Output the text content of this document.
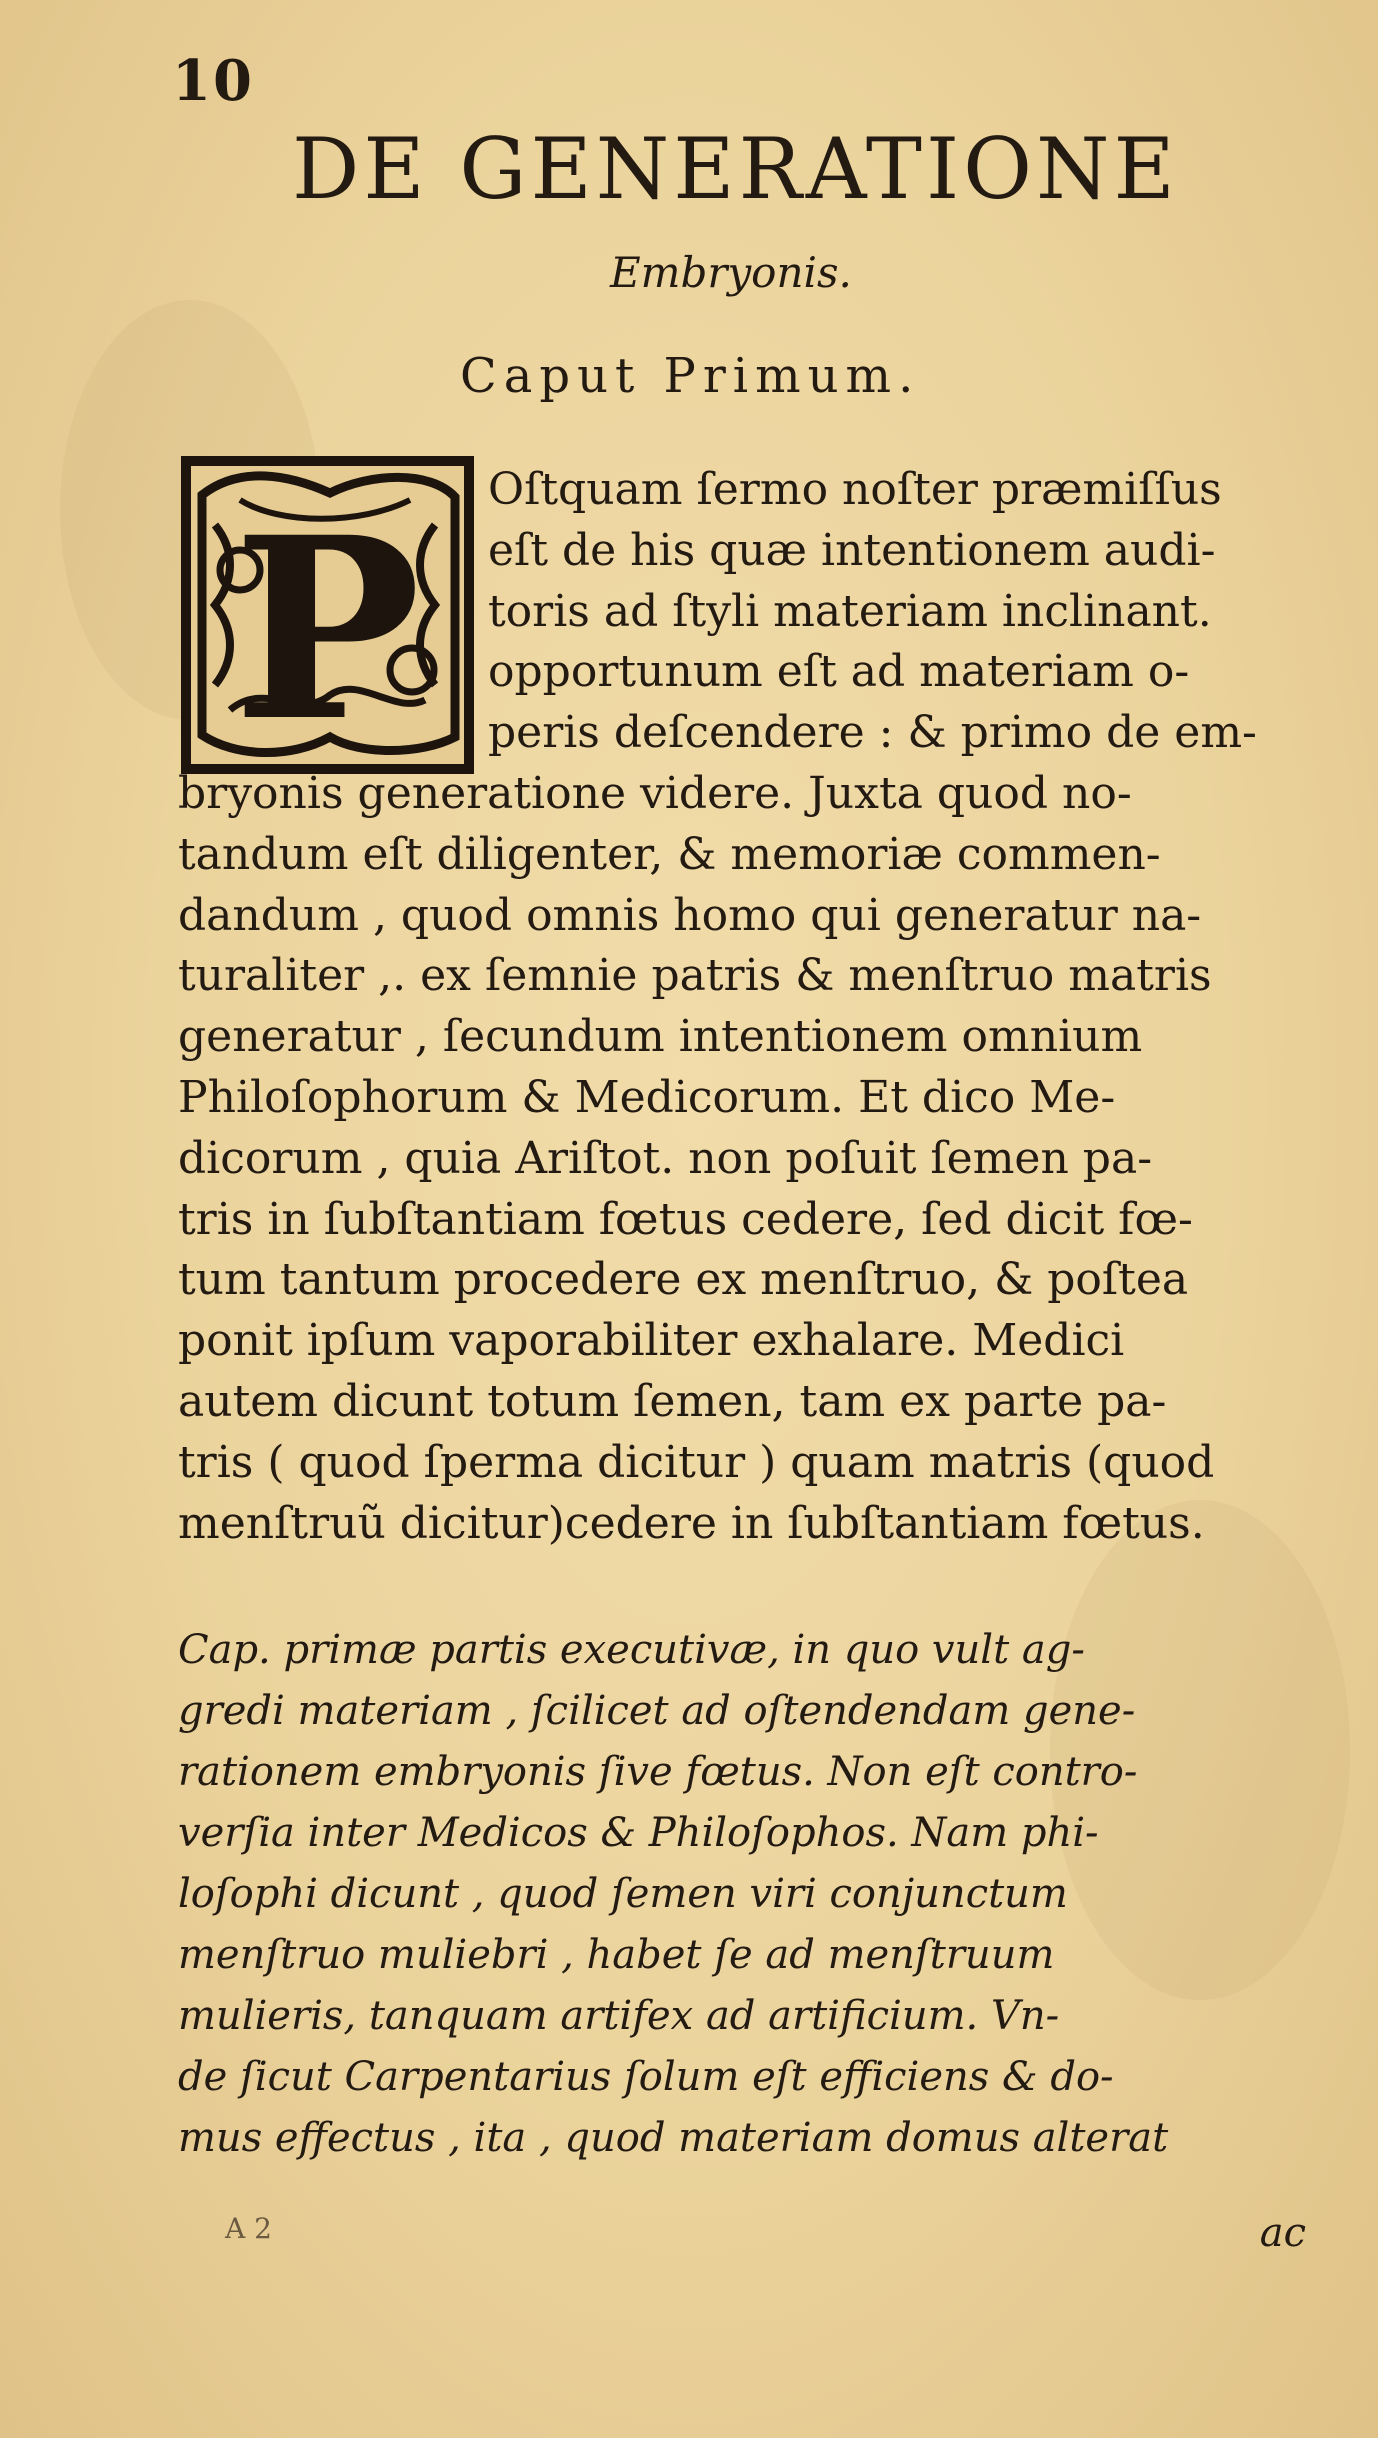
10
DE GENERATIONE
Embryonis.
Caput Primum.
P	Oſtquam ſermo noſter præmiſſus
eſt de his quæ intentionem audi-
toris ad ſtyli materiam inclinant.
opportunum eſt ad materiam o-
peris deſcendere : & primo de em-
bryonis generatione videre. Juxta quod no-
tandum eſt diligenter, & memoriæ commen-
dandum , quod omnis homo qui generatur na-
turaliter ,. ex ſemnie patris & menſtruo matris
generatur , ſecundum intentionem omnium
Philoſophorum & Medicorum. Et dico Me-
dicorum , quia Ariſtot. non poſuit ſemen pa-
tris in ſubſtantiam fœtus cedere, ſed dicit fœ-
tum tantum procedere ex menſtruo, & poſtea
ponit ipſum vaporabiliter exhalare. Medici
autem dicunt totum ſemen, tam ex parte pa-
tris ( quod ſperma dicitur ) quam matris (quod
menſtruũ dicitur)cedere in ſubſtantiam fœtus.
Cap. primæ partis executivæ, in quo vult ag-
gredi materiam , ſcilicet ad oſtendendam gene-
rationem embryonis ſive fœtus. Non eſt contro-
verſia inter Medicos & Philoſophos. Nam phi-
loſophi dicunt , quod ſemen viri conjunctum
menſtruo muliebri , habet ſe ad menſtruum
mulieris, tanquam artifex ad artificium. Vn-
de ſicut Carpentarius ſolum eſt efficiens & do-
mus effectus , ita , quod materiam domus alterat
A 2	ac
